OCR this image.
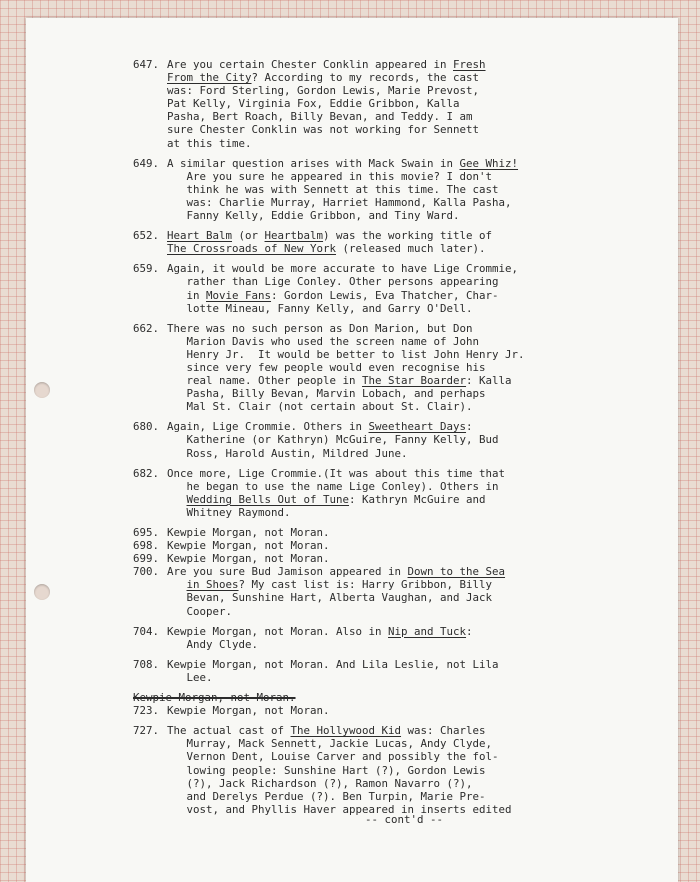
647. Are you certain Chester Conklin appeared in Fresh
From the City? According to my records, the cast
was: Ford Sterling, Gordon Lewis, Marie Prevost,
Pat Kelly, Virginia Fox, Eddie Gribbon, Kalla
Pasha, Bert Roach, Billy Bevan, and Teddy. I am
sure Chester Conklin was not working for Sennett
at this time.
649. A similar question arises with Mack Swain in Gee Whiz!
Are you sure he appeared in this movie? I don't
think he was with Sennett at this time. The cast
was: Charlie Murray, Harriet Hammond, Kalla Pasha,
Fanny Kelly, Eddie Gribbon, and Tiny Ward.
652. Heart Balm (or Heartbalm) was the working title of
The Crossroads of New York (released much later).
659. Again, it would be more accurate to have Lige Crommie,
rather than Lige Conley. Other persons appearing
in Movie Fans: Gordon Lewis, Eva Thatcher, Char-
lotte Mineau, Fanny Kelly, and Garry O'Dell.
662. There was no such person as Don Marion, but Don
Marion Davis who used the screen name of John
Henry Jr.  It would be better to list John Henry Jr.
since very few people would even recognise his
real name. Other people in The Star Boarder: Kalla
Pasha, Billy Bevan, Marvin Lobach, and perhaps
Mal St. Clair (not certain about St. Clair).
680. Again, Lige Crommie. Others in Sweetheart Days:
Katherine (or Kathryn) McGuire, Fanny Kelly, Bud
Ross, Harold Austin, Mildred June.
682. Once more, Lige Crommie.(It was about this time that
he began to use the name Lige Conley). Others in
Wedding Bells Out of Tune: Kathryn McGuire and
Whitney Raymond.
695. Kewpie Morgan, not Moran.
698. Kewpie Morgan, not Moran.
699. Kewpie Morgan, not Moran.
700. Are you sure Bud Jamison appeared in Down to the Sea
in Shoes? My cast list is: Harry Gribbon, Billy
Bevan, Sunshine Hart, Alberta Vaughan, and Jack
Cooper.
704. Kewpie Morgan, not Moran. Also in Nip and Tuck:
Andy Clyde.
708. Kewpie Morgan, not Moran. And Lila Leslie, not Lila
Lee.
Kewpie Morgan, not Moran.
723. Kewpie Morgan, not Moran.
727. The actual cast of The Hollywood Kid was: Charles
Murray, Mack Sennett, Jackie Lucas, Andy Clyde,
Vernon Dent, Louise Carver and possibly the fol-
lowing people: Sunshine Hart (?), Gordon Lewis
(?), Jack Richardson (?), Ramon Navarro (?),
and Derelys Perdue (?). Ben Turpin, Marie Pre-
vost, and Phyllis Haver appeared in inserts edited
-- cont'd --
